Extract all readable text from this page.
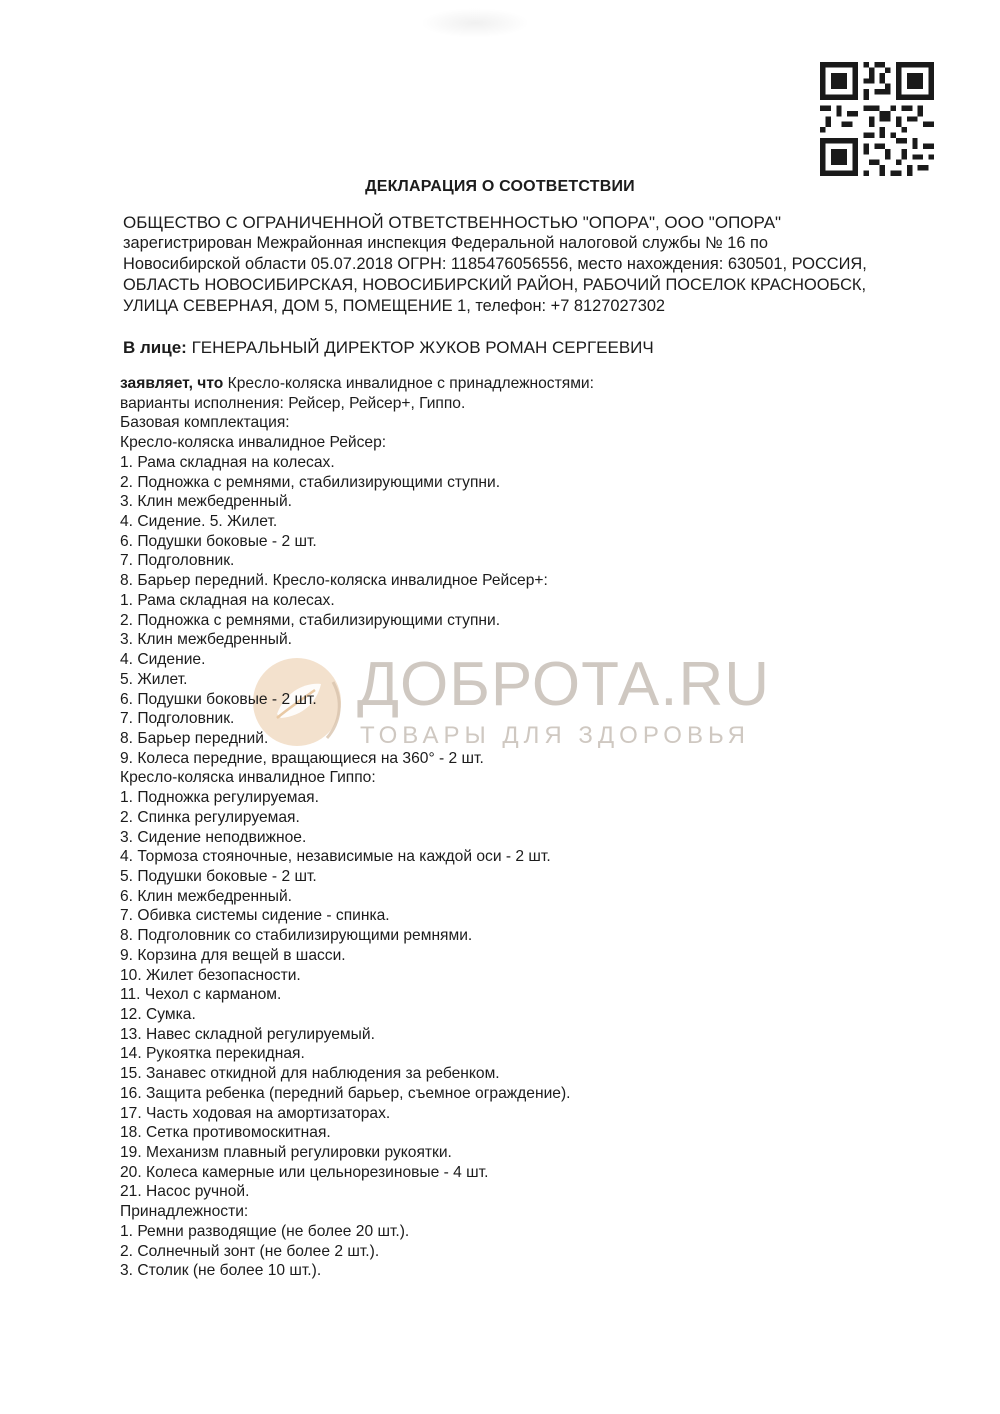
ДЕКЛАРАЦИЯ О СООТВЕТСТВИИ
ОБЩЕСТВО С ОГРАНИЧЕННОЙ ОТВЕТСТВЕННОСТЬЮ "ОПОРА", ООО "ОПОРА"
зарегистрирован Межрайонная инспекция Федеральной налоговой службы № 16 по
Новосибирской области 05.07.2018 ОГРН: 1185476056556, место нахождения: 630501, РОССИЯ,
ОБЛАСТЬ НОВОСИБИРСКАЯ, НОВОСИБИРСКИЙ РАЙОН, РАБОЧИЙ ПОСЕЛОК КРАСНООБСК,
УЛИЦА СЕВЕРНАЯ, ДОМ 5, ПОМЕЩЕНИЕ 1, телефон: +7 8127027302
В лице: ГЕНЕРАЛЬНЫЙ ДИРЕКТОР ЖУКОВ РОМАН СЕРГЕЕВИЧ
ДОБРОТА.RU
ТОВАРЫ ДЛЯ ЗДОРОВЬЯ
заявляет, что Кресло-коляска инвалидное с принадлежностями:
варианты исполнения: Рейсер, Рейсер+, Гиппо.
Базовая комплектация:
Кресло-коляска инвалидное Рейсер:
1. Рама складная на колесах.
2. Подножка с ремнями, стабилизирующими ступни.
3. Клин межбедренный.
4. Сидение. 5. Жилет.
6. Подушки боковые - 2 шт.
7. Подголовник.
8. Барьер передний. Кресло-коляска инвалидное Рейсер+:
1. Рама складная на колесах.
2. Подножка с ремнями, стабилизирующими ступни.
3. Клин межбедренный.
4. Сидение.
5. Жилет.
6. Подушки боковые - 2 шт.
7. Подголовник.
8. Барьер передний.
9. Колеса передние, вращающиеся на 360° - 2 шт.
Кресло-коляска инвалидное Гиппо:
1. Подножка регулируемая.
2. Спинка регулируемая.
3. Сидение неподвижное.
4. Тормоза стояночные, независимые на каждой оси - 2 шт.
5. Подушки боковые - 2 шт.
6. Клин межбедренный.
7. Обивка системы сидение - спинка.
8. Подголовник со стабилизирующими ремнями.
9. Корзина для вещей в шасси.
10. Жилет безопасности.
11. Чехол с карманом.
12. Сумка.
13. Навес складной регулируемый.
14. Рукоятка перекидная.
15. Занавес откидной для наблюдения за ребенком.
16. Защита ребенка (передний барьер, съемное ограждение).
17. Часть ходовая на амортизаторах.
18. Сетка противомоскитная.
19. Механизм плавный регулировки рукоятки.
20. Колеса камерные или цельнорезиновые - 4 шт.
21. Насос ручной.
Принадлежности:
1. Ремни разводящие (не более 20 шт.).
2. Солнечный зонт (не более 2 шт.).
3. Столик (не более 10 шт.).
